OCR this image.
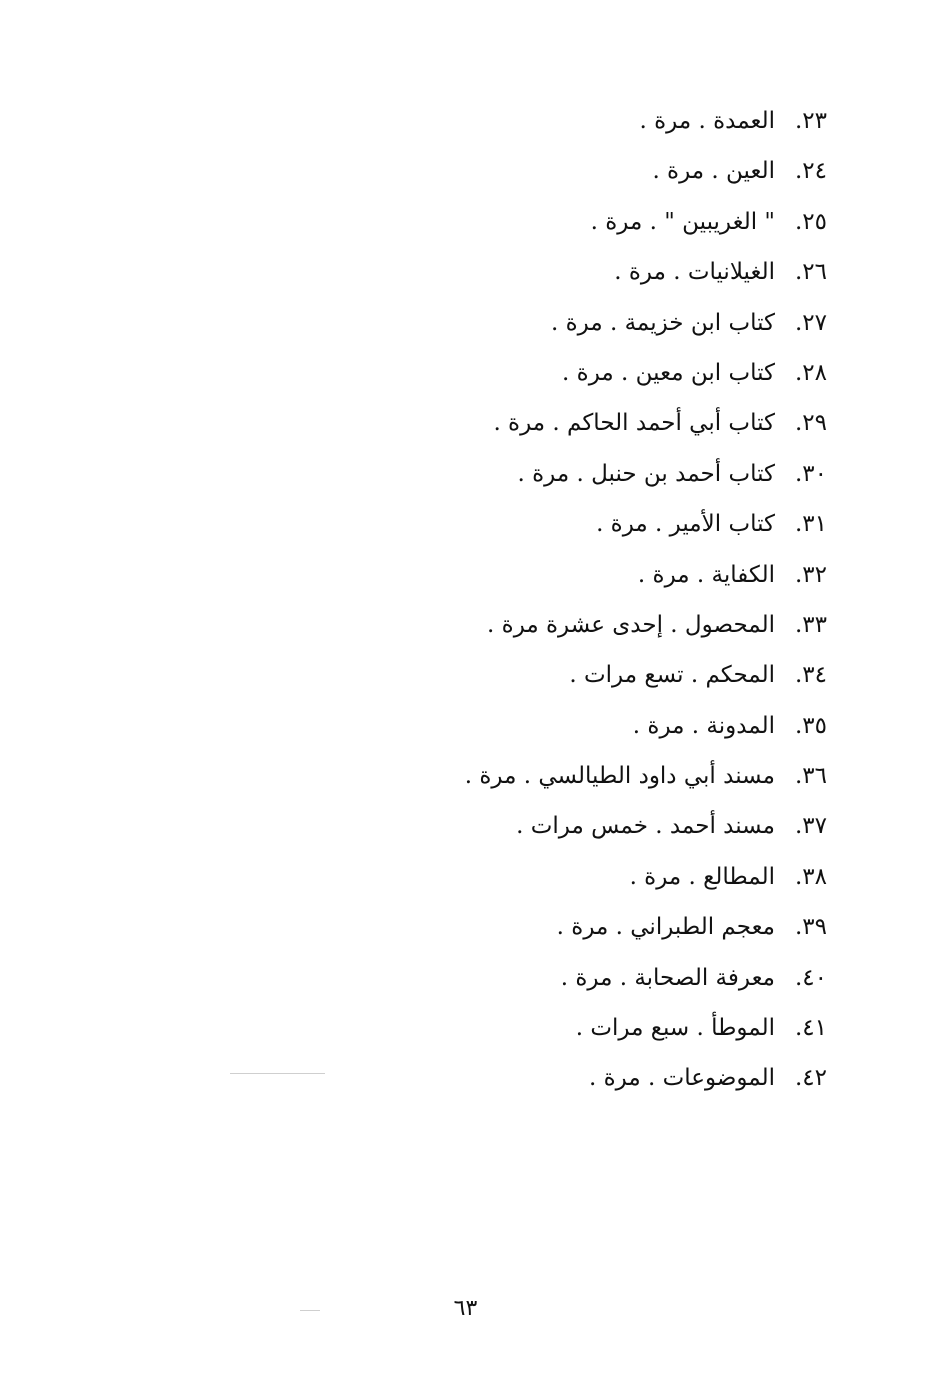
٢٣.العمدة . مرة .
٢٤.العين . مرة .
٢٥." الغريبين " . مرة .
٢٦.الغيلانيات . مرة .
٢٧.كتاب ابن خزيمة . مرة .
٢٨.كتاب ابن معين . مرة .
٢٩.كتاب أبي أحمد الحاكم . مرة .
٣٠.كتاب أحمد بن حنبل . مرة .
٣١.كتاب الأمير . مرة .
٣٢.الكفاية . مرة .
٣٣.المحصول . إحدى عشرة مرة .
٣٤.المحكم . تسع مرات .
٣٥.المدونة . مرة .
٣٦.مسند أبي داود الطيالسي . مرة .
٣٧.مسند أحمد . خمس مرات .
٣٨.المطالع . مرة .
٣٩.معجم الطبراني . مرة .
٤٠.معرفة الصحابة . مرة .
٤١.الموطأ . سبع مرات .
٤٢.الموضوعات . مرة .
٦٣
